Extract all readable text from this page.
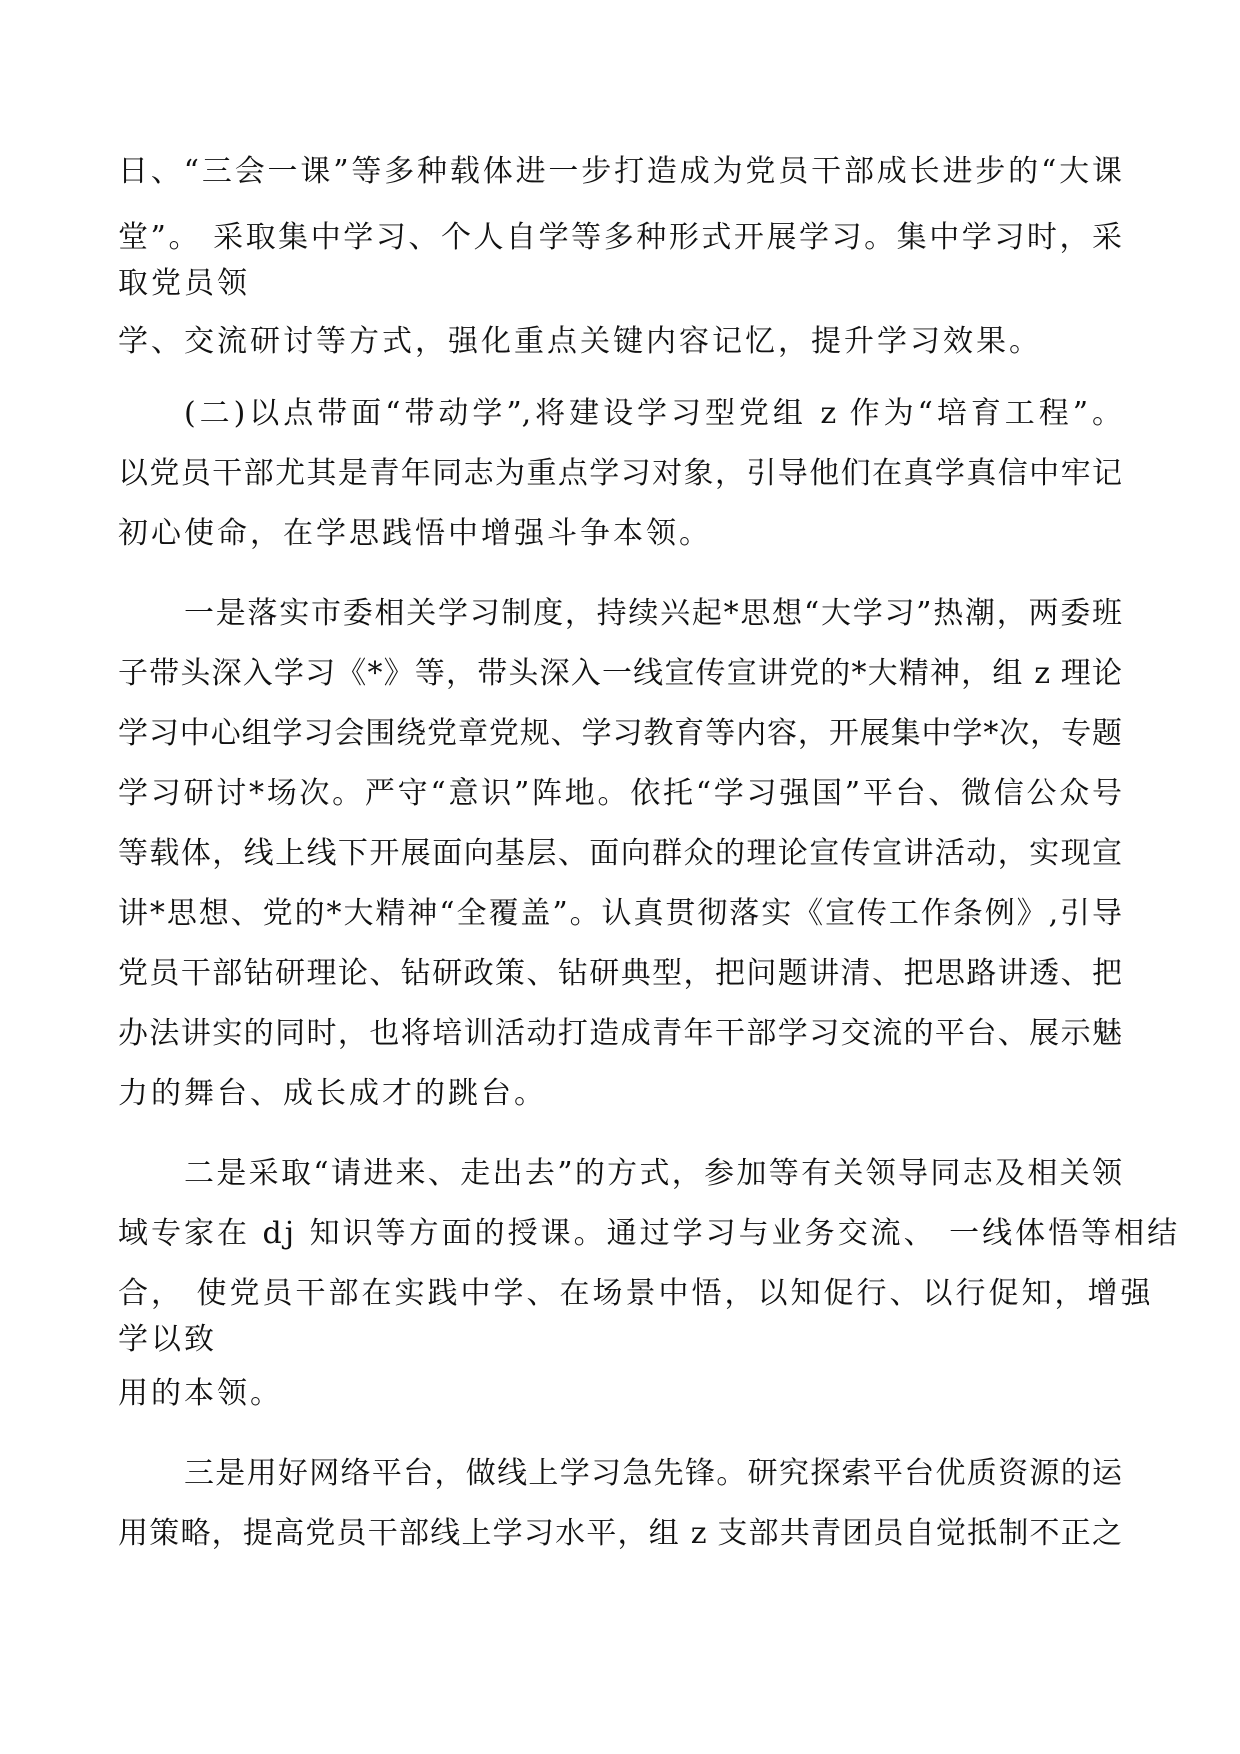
日、“三会一课”等多种载体进一步打造成为党员干部成长进步的“大课

堂”。 采取集中学习、个人自学等多种形式开展学习。集中学习时，采

取党员领

学、交流研讨等方式，强化重点关键内容记忆，提升学习效果。

(二)以点带面“带动学”,将建设学习型党组 z 作为“培育工程”。

以党员干部尤其是青年同志为重点学习对象，引导他们在真学真信中牢记

初心使命，在学思践悟中增强斗争本领。

一是落实市委相关学习制度，持续兴起*思想“大学习”热潮，两委班

子带头深入学习《*》等，带头深入一线宣传宣讲党的*大精神，组 z 理论

学习中心组学习会围绕党章党规、学习教育等内容，开展集中学*次，专题

学习研讨*场次。严守“意识”阵地。依托“学习强国”平台、微信公众号

等载体，线上线下开展面向基层、面向群众的理论宣传宣讲活动，实现宣

讲*思想、党的*大精神“全覆盖”。认真贯彻落实《宣传工作条例》,引导

党员干部钻研理论、钻研政策、钻研典型，把问题讲清、把思路讲透、把

办法讲实的同时，也将培训活动打造成青年干部学习交流的平台、展示魅

力的舞台、成长成才的跳台。

二是采取“请进来、走出去”的方式，参加等有关领导同志及相关领

域专家在 dj 知识等方面的授课。通过学习与业务交流、 一线体悟等相结

合， 使党员干部在实践中学、在场景中悟，以知促行、以行促知，增强

学以致

用的本领。

三是用好网络平台，做线上学习急先锋。研究探索平台优质资源的运

用策略，提高党员干部线上学习水平，组 z 支部共青团员自觉抵制不正之
